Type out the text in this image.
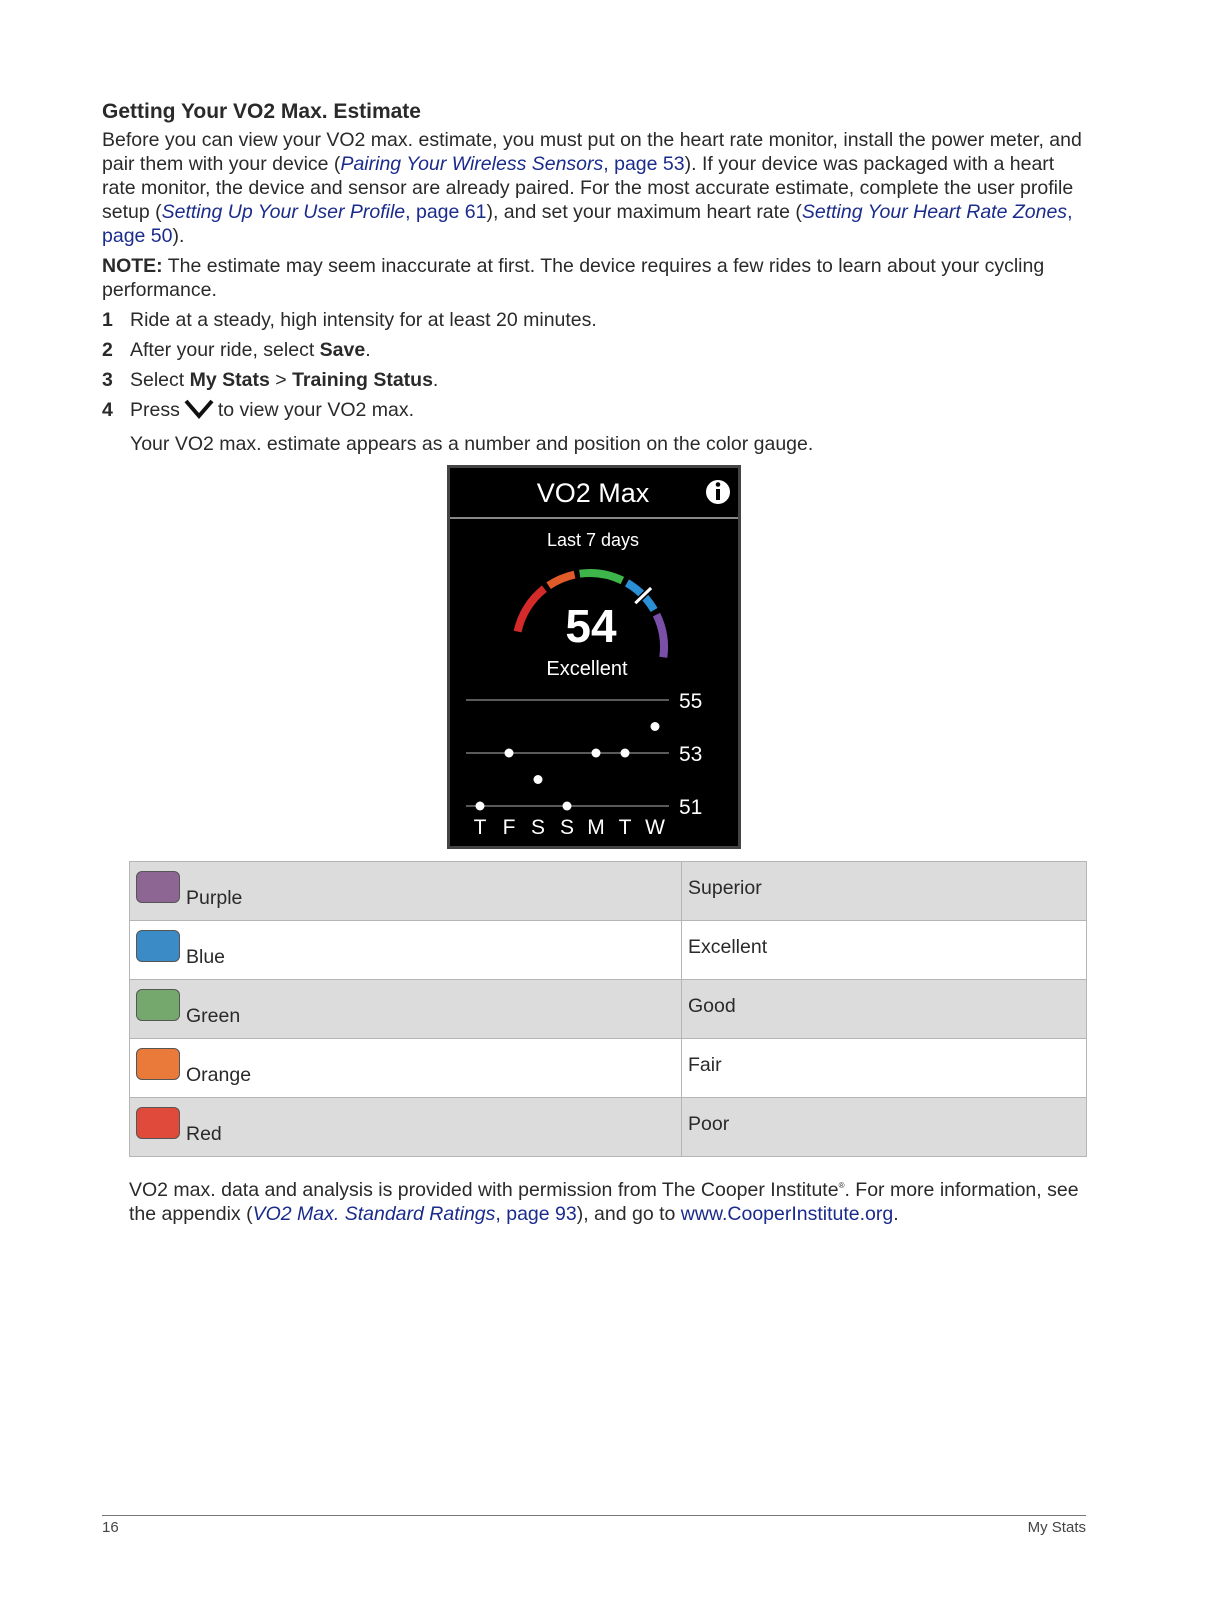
Getting Your VO2 Max. Estimate

Before you can view your VO2 max. estimate, you must put on the heart rate monitor, install the power meter, and pair them with your device (Pairing Your Wireless Sensors, page 53). If your device was packaged with a heart rate monitor, the device and sensor are already paired. For the most accurate estimate, complete the user profile setup (Setting Up Your User Profile, page 61), and set your maximum heart rate (Setting Your Heart Rate Zones, page 50).

NOTE: The estimate may seem inaccurate at first. The device requires a few rides to learn about your cycling performance.

1 Ride at a steady, high intensity for at least 20 minutes.
2 After your ride, select Save.
3 Select My Stats > Training Status.
4 Press to view your VO2 max.
Your VO2 max. estimate appears as a number and position on the color gauge.
VO2 Max
Last 7 days
54
Excellent
55
53
51
T F S S M T W
Purple	Superior

Blue	Excellent

Green	Good

Orange	Fair

Red	Poor

VO2 max. data and analysis is provided with permission from The Cooper Institute®. For more information, see the appendix (VO2 Max. Standard Ratings, page 93), and go to www.CooperInstitute.org.

16	My Stats
